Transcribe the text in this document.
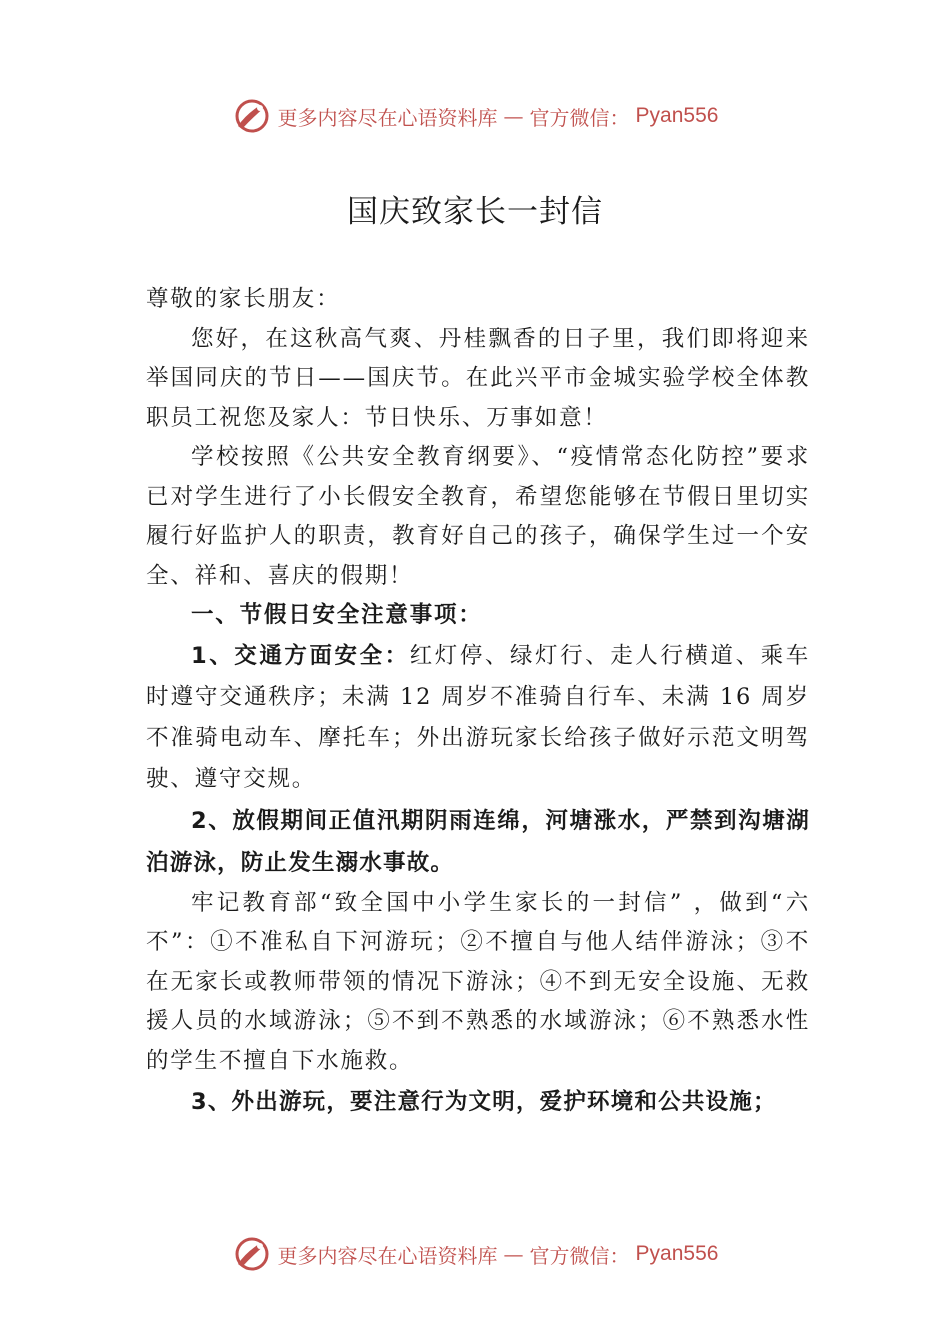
更多内容尽在心语资料库 — 官方微信： Pyan556
国庆致家长一封信

尊敬的家长朋友：

您好，在这秋高气爽、丹桂飘香的日子里，我们即将迎来举国同庆的节日——国庆节。在此兴平市金城实验学校全体教职员工祝您及家人：节日快乐、万事如意！

学校按照《公共安全教育纲要》、“疫情常态化防控”要求已对学生进行了小长假安全教育，希望您能够在节假日里切实履行好监护人的职责，教育好自己的孩子，确保学生过一个安全、祥和、喜庆的假期！

一、节假日安全注意事项：

1、交通方面安全：红灯停、绿灯行、走人行横道、乘车时遵守交通秩序；未满 12 周岁不准骑自行车、未满 16 周岁不准骑电动车、摩托车；外出游玩家长给孩子做好示范文明驾驶、遵守交规。

2、放假期间正值汛期阴雨连绵，河塘涨水，严禁到沟塘湖泊游泳，防止发生溺水事故。

牢记教育部“致全国中小学生家长的一封信” ，做到“六不”：①不准私自下河游玩；②不擅自与他人结伴游泳；③不在无家长或教师带领的情况下游泳；④不到无安全设施、无救援人员的水域游泳；⑤不到不熟悉的水域游泳；⑥不熟悉水性的学生不擅自下水施救。

3、外出游玩，要注意行为文明，爱护环境和公共设施；

更多内容尽在心语资料库 — 官方微信： Pyan556
